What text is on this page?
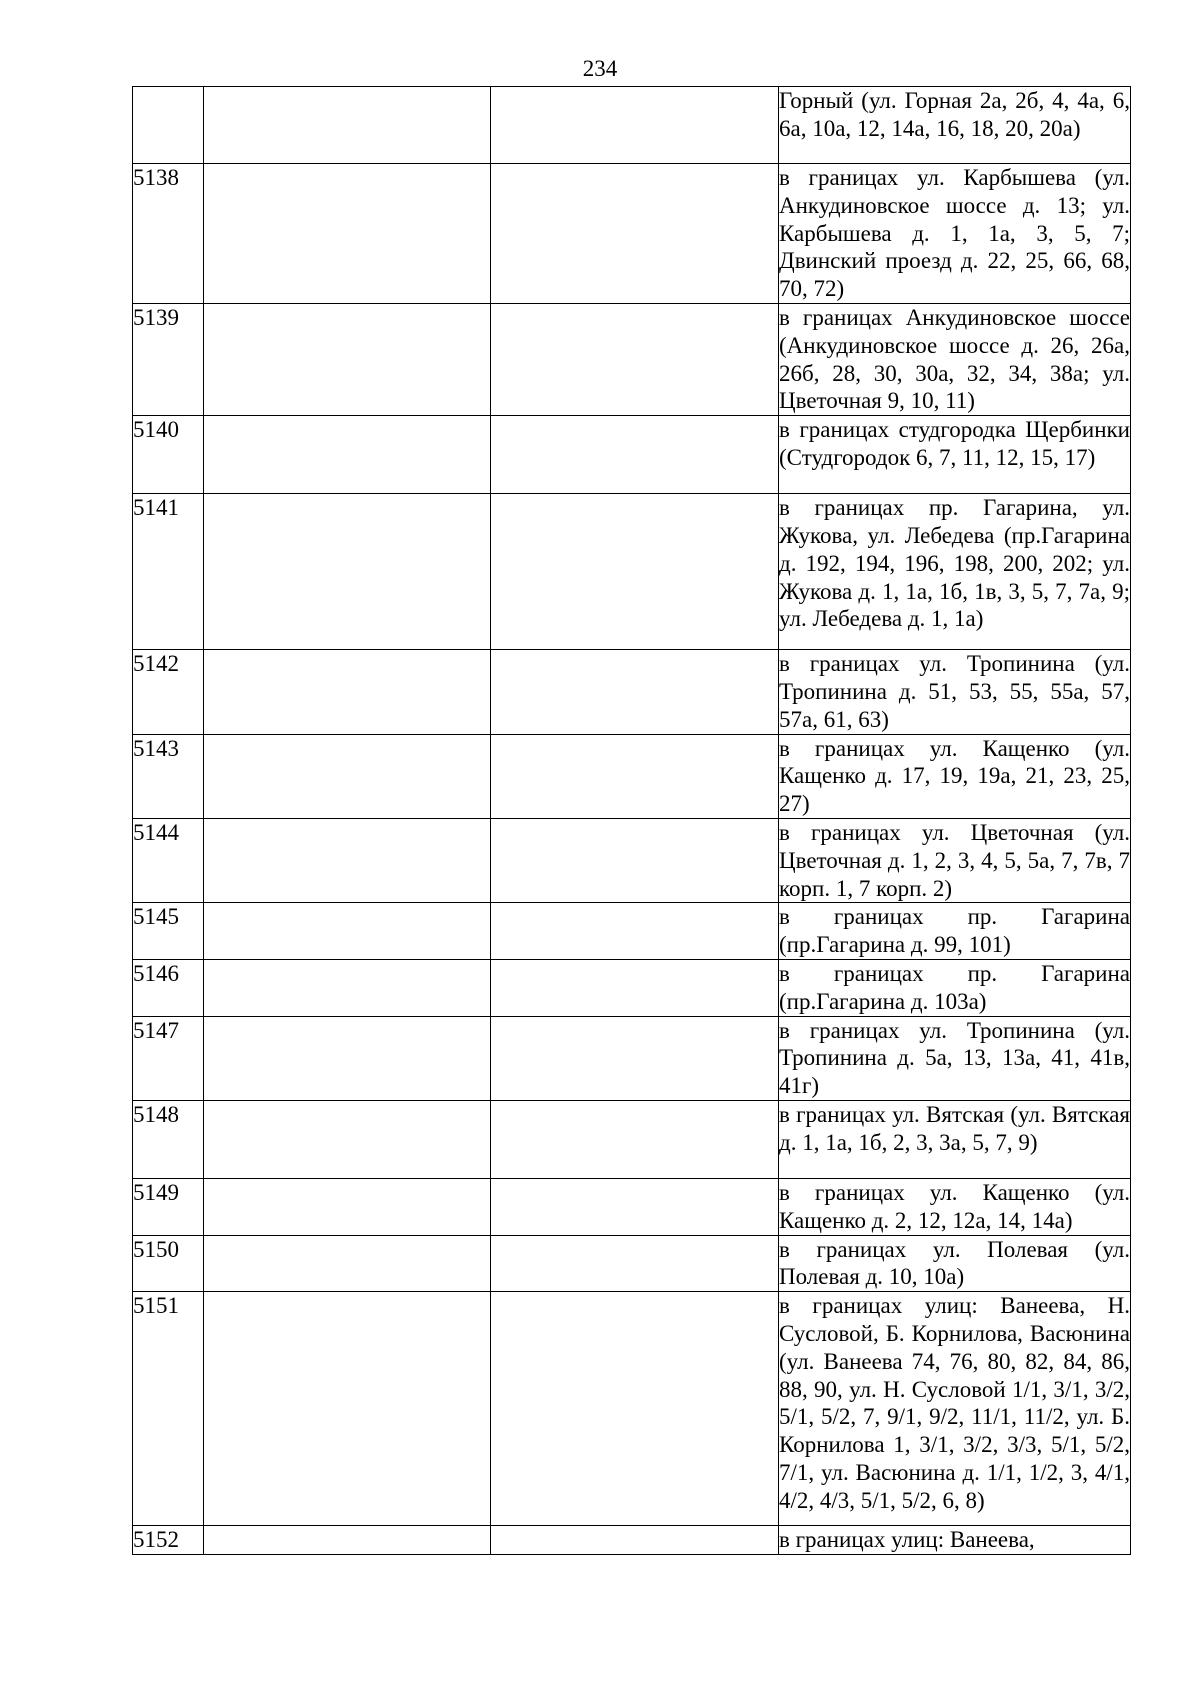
234
			Горный (ул. Горная 2а, 2б, 4, 4а, 6, 6а, 10а, 12, 14а, 16, 18, 20, 20а)
5138			в границах ул. Карбышева (ул. Анкудиновское шоссе д. 13; ул. Карбышева д. 1, 1а, 3, 5, 7; Двинский проезд д. 22, 25, 66, 68, 70, 72)
5139			в границах Анкудиновское шоссе (Анкудиновское шоссе д. 26, 26а, 26б, 28, 30, 30а, 32, 34, 38а; ул. Цветочная 9, 10, 11)
5140			в границах студгородка Щербинки (Студгородок 6, 7, 11, 12, 15, 17)
5141			в границах пр. Гагарина, ул. Жукова, ул. Лебедева (пр.Гагарина д. 192, 194, 196, 198, 200, 202; ул. Жукова д. 1, 1а, 1б, 1в, 3, 5, 7, 7а, 9; ул. Лебедева д. 1, 1а)
5142			в границах ул. Тропинина (ул. Тропинина д. 51, 53, 55, 55а, 57, 57а, 61, 63)
5143			в границах ул. Кащенко (ул. Кащенко д. 17, 19, 19а, 21, 23, 25, 27)
5144			в границах ул. Цветочная (ул. Цветочная д. 1, 2, 3, 4, 5, 5а, 7, 7в, 7 корп. 1, 7 корп. 2)
5145			в границах пр. Гагарина (пр.Гагарина д. 99, 101)
5146			в границах пр. Гагарина (пр.Гагарина д. 103а)
5147			в границах ул. Тропинина (ул. Тропинина д. 5а, 13, 13а, 41, 41в, 41г)
5148			в границах ул. Вятская (ул. Вятская д. 1, 1а, 1б, 2, 3, 3а, 5, 7, 9)
5149			в границах ул. Кащенко (ул. Кащенко д. 2, 12, 12а, 14, 14а)
5150			в границах ул. Полевая (ул. Полевая д. 10, 10а)
5151			в границах улиц: Ванеева, Н. Сусловой, Б. Корнилова, Васюнина (ул. Ванеева 74, 76, 80, 82, 84, 86, 88, 90, ул. Н. Сусловой 1/1, 3/1, 3/2, 5/1, 5/2, 7, 9/1, 9/2, 11/1, 11/2, ул. Б. Корнилова 1, 3/1, 3/2, 3/3, 5/1, 5/2, 7/1, ул. Васюнина д. 1/1, 1/2, 3, 4/1, 4/2, 4/3, 5/1, 5/2, 6, 8)
5152			в границах улиц: Ванеева,
